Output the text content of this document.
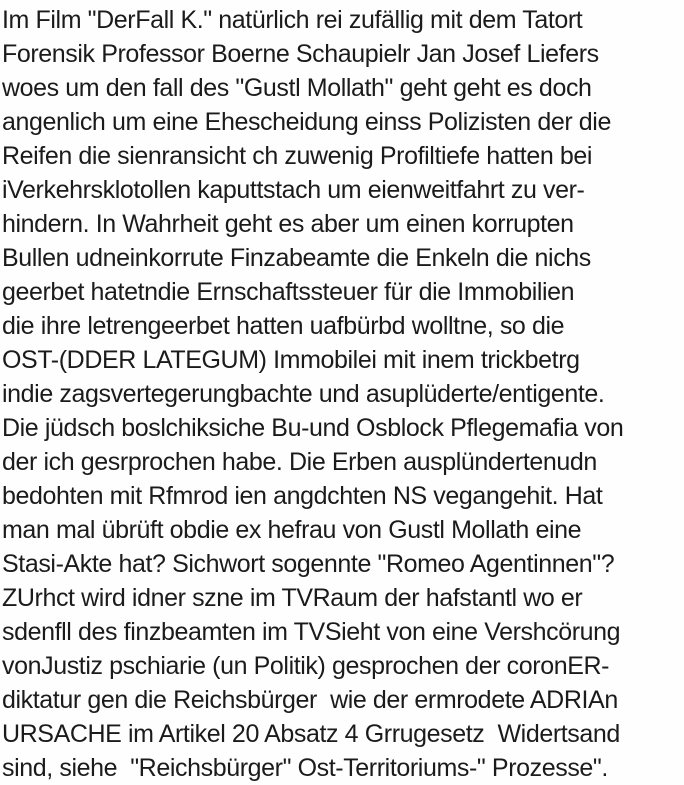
Im Film "DerFall K." natürlich rei zufällig mit dem Tatort
Forensik Professor Boerne Schaupielr Jan Josef Liefers
woes um den fall des "Gustl Mollath" geht geht es doch
angenlich um eine Ehescheidung einss Polizisten der die
Reifen die sienransicht ch zuwenig Profiltiefe hatten bei
iVerkehrsklotollen kaputtstach um eienweitfahrt zu ver-
hindern. In Wahrheit geht es aber um einen korrupten
Bullen udneinkorrute Finzabeamte die Enkeln die nichs
geerbet hatetndie Ernschaftssteuer für die Immobilien
die ihre letrengeerbet hatten uafbürbd wolltne, so die
OST-(DDER LATEGUM) Immobilei mit inem trickbetrg
indie zagsvertegerungbachte und asuplüderte/entigente.
Die jüdsch boslchiksiche Bu-und Osblock Pflegemafia von
der ich gesrprochen habe. Die Erben ausplündertenudn
bedohten mit Rfmrod ien angdchten NS vegangehit. Hat
man mal übrüft obdie ex hefrau von Gustl Mollath eine
Stasi-Akte hat? Sichwort sogennte "Romeo Agentinnen"?
ZUrhct wird idner szne im TVRaum der hafstantl wo er
sdenfll des finzbeamten im TVSieht von eine Vershcörung
vonJustiz pschiarie (un Politik) gesprochen der coronER-
diktatur gen die Reichsbürger  wie der ermrodete ADRIAn
URSACHE im Artikel 20 Absatz 4 Grrugesetz  Widertsand
sind, siehe  "Reichsbürger" Ost-Territoriums-" Prozesse".
